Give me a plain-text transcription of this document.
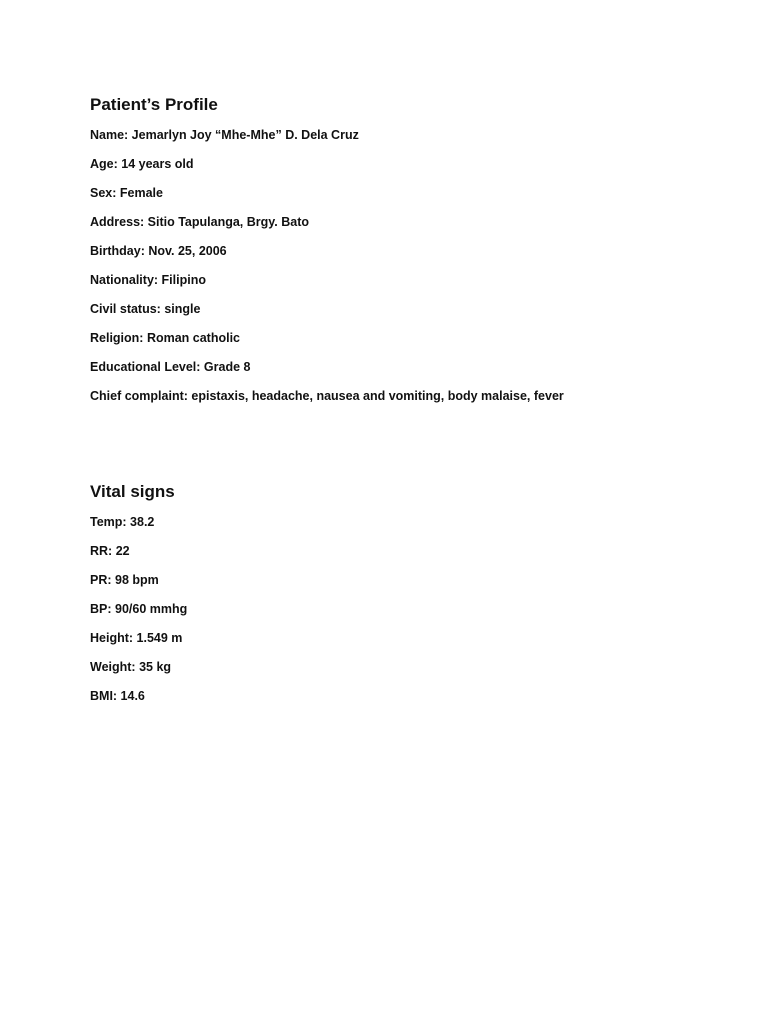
Patient’s Profile
Name: Jemarlyn Joy “Mhe-Mhe” D. Dela Cruz
Age: 14 years old
Sex: Female
Address: Sitio Tapulanga, Brgy. Bato
Birthday: Nov. 25, 2006
Nationality: Filipino
Civil status: single
Religion: Roman catholic
Educational Level: Grade 8
Chief complaint: epistaxis, headache, nausea and vomiting, body malaise, fever
Vital signs
Temp: 38.2
RR: 22
PR: 98 bpm
BP: 90/60 mmhg
Height: 1.549 m
Weight: 35 kg
BMI: 14.6
